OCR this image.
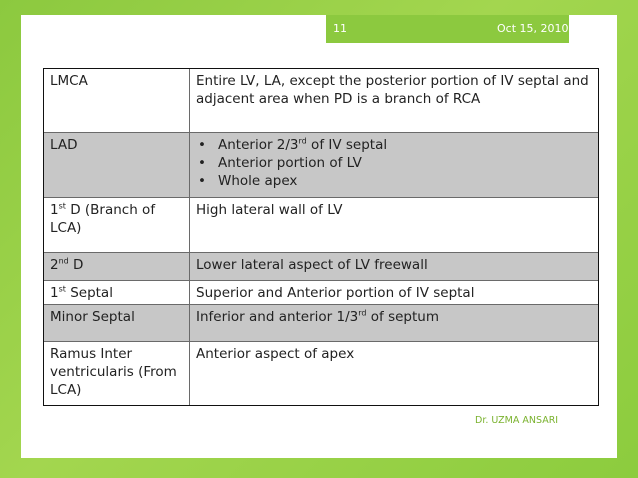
11	Oct 15, 2010
LMCA	Entire LV, LA, except the posterior portion of IV septal and adjacent area when PD is a branch of RCA
LAD
•	Anterior 2/3rd of IV septal
• Anterior portion of LV
• Whole apex
1st D (Branch of LCA)
High lateral wall of LV
2nd D	Lower lateral aspect of LV freewall
1st Septal	Superior and Anterior portion of IV septal
Minor Septal	Inferior and anterior 1/3rd of septum
Ramus Inter ventricularis (From LCA)
Anterior aspect of apex
Dr. UZMA ANSARI
